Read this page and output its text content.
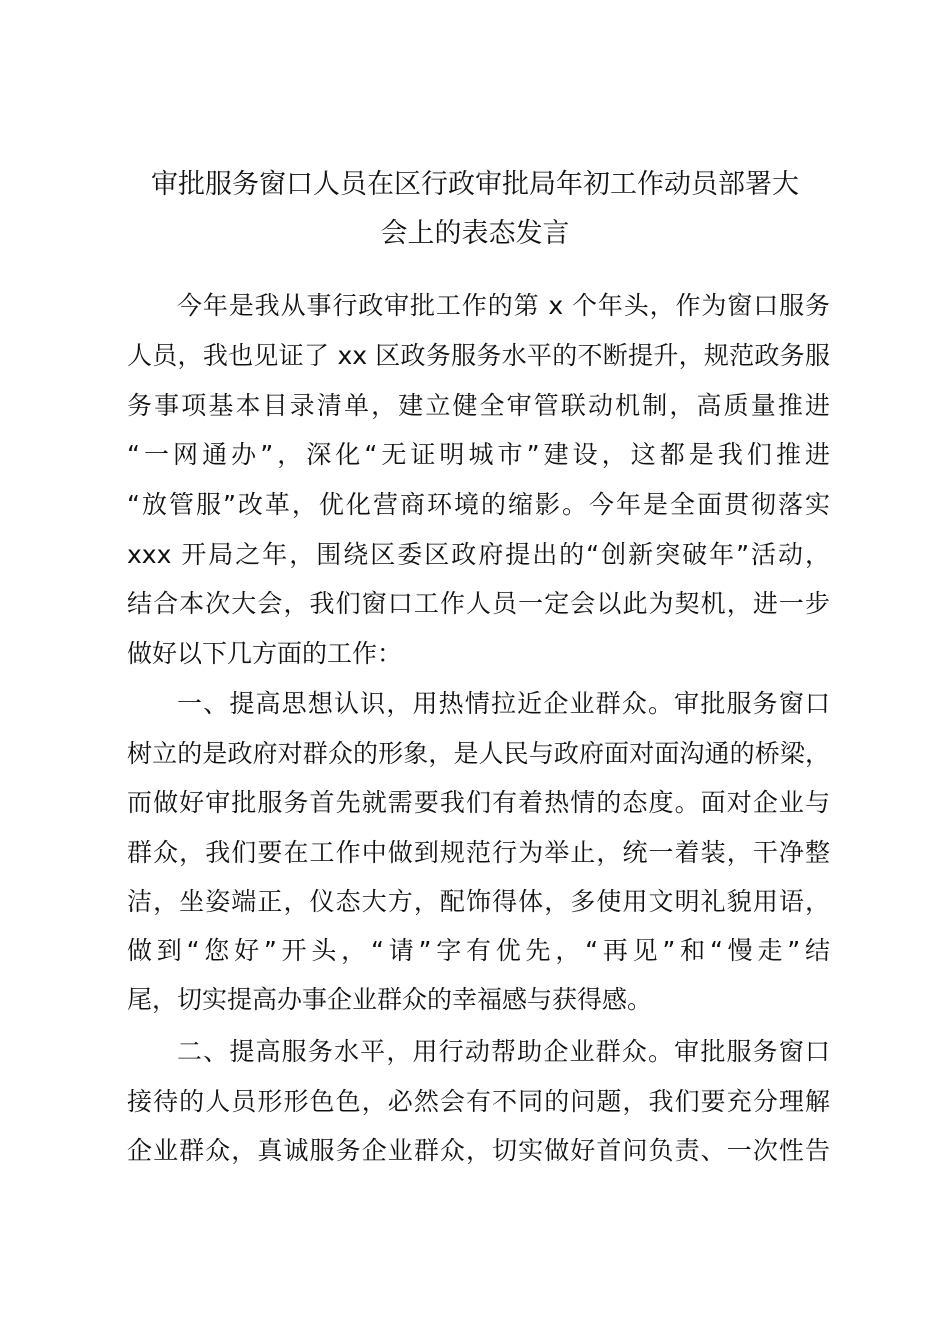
审批服务窗口人员在区行政审批局年初工作动员部署大
会上的表态发言
今年是我从事行政审批工作的第 x 个年头，作为窗口服务
人员，我也见证了 xx 区政务服务水平的不断提升，规范政务服
务事项基本目录清单，建立健全审管联动机制，高质量推进
“一网通办”，深化“无证明城市”建设，这都是我们推进
“放管服”改革，优化营商环境的缩影。今年是全面贯彻落实
xxx 开局之年，围绕区委区政府提出的“创新突破年”活动，
结合本次大会，我们窗口工作人员一定会以此为契机，进一步
做好以下几方面的工作：
一、提高思想认识，用热情拉近企业群众。审批服务窗口
树立的是政府对群众的形象，是人民与政府面对面沟通的桥梁，
而做好审批服务首先就需要我们有着热情的态度。面对企业与
群众，我们要在工作中做到规范行为举止，统一着装，干净整
洁，坐姿端正，仪态大方，配饰得体，多使用文明礼貌用语，
做到“您好”开头，“请”字有优先，“再见”和“慢走”结
尾，切实提高办事企业群众的幸福感与获得感。
二、提高服务水平，用行动帮助企业群众。审批服务窗口
接待的人员形形色色，必然会有不同的问题，我们要充分理解
企业群众，真诚服务企业群众，切实做好首问负责、一次性告
